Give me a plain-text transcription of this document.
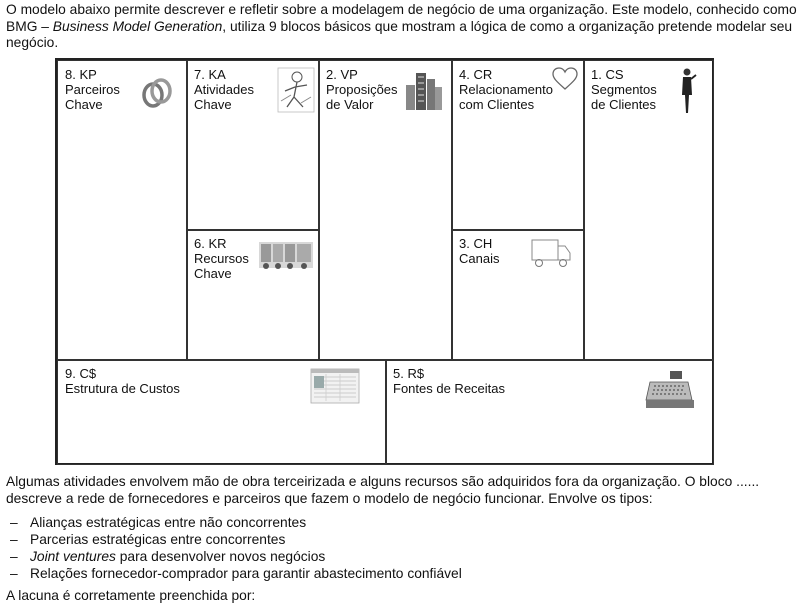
O modelo abaixo permite descrever e refletir sobre a modelagem de negócio de uma organização. Este modelo, conhecido como BMG – Business Model Generation, utiliza 9 blocos básicos que mostram a lógica de como a organização pretende modelar seu negócio.
8. KP
Parceiros
Chave
7. KA
Atividades
Chave
6. KR
Recursos
Chave
2. VP
Proposições
de Valor
4. CR
Relacionamento
com Clientes
3. CH
Canais
1. CS
Segmentos
de Clientes
9. C$
Estrutura de Custos
5. R$
Fontes de Receitas
Algumas atividades envolvem mão de obra terceirizada e alguns recursos são adquiridos fora da organização. O bloco ...... descreve a rede de fornecedores e parceiros que fazem o modelo de negócio funcionar. Envolve os tipos:
– Alianças estratégicas entre não concorrentes
– Parcerias estratégicas entre concorrentes
– Joint ventures para desenvolver novos negócios
– Relações fornecedor-comprador para garantir abastecimento confiável
A lacuna é corretamente preenchida por:
